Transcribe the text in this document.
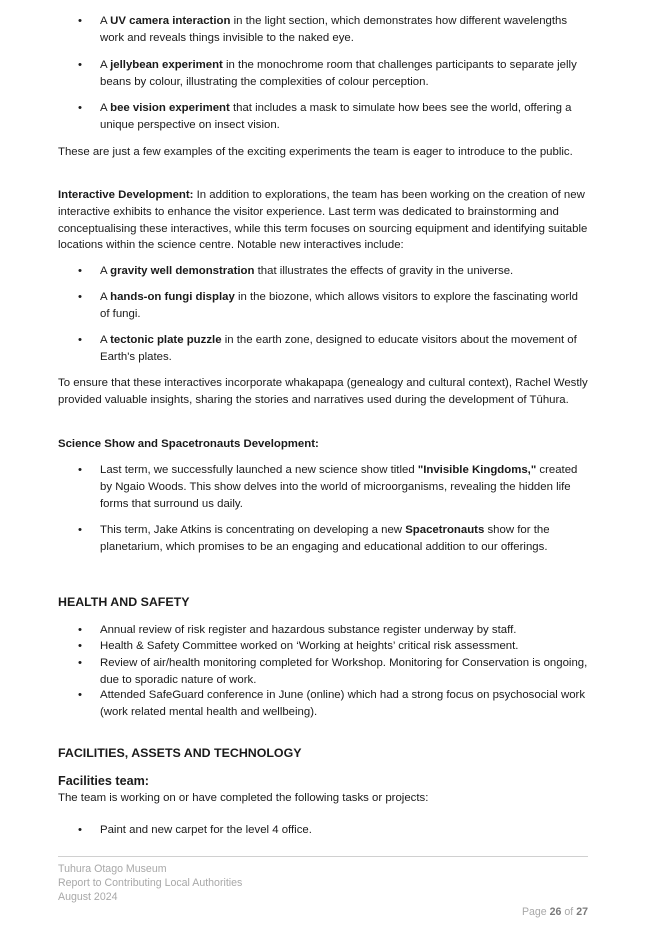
•	A UV camera interaction in the light section, which demonstrates how different wavelengths work and reveals things invisible to the naked eye.
•	A jellybean experiment in the monochrome room that challenges participants to separate jelly beans by colour, illustrating the complexities of colour perception.
•	A bee vision experiment that includes a mask to simulate how bees see the world, offering a unique perspective on insect vision.
These are just a few examples of the exciting experiments the team is eager to introduce to the public.
Interactive Development: In addition to explorations, the team has been working on the creation of new interactive exhibits to enhance the visitor experience. Last term was dedicated to brainstorming and conceptualising these interactives, while this term focuses on sourcing equipment and identifying suitable locations within the science centre. Notable new interactives include:
•	A gravity well demonstration that illustrates the effects of gravity in the universe.
•	A hands-on fungi display in the biozone, which allows visitors to explore the fascinating world of fungi.
•	A tectonic plate puzzle in the earth zone, designed to educate visitors about the movement of Earth's plates.
To ensure that these interactives incorporate whakapapa (genealogy and cultural context), Rachel Westly provided valuable insights, sharing the stories and narratives used during the development of Tūhura.
Science Show and Spacetronauts Development:
•	Last term, we successfully launched a new science show titled "Invisible Kingdoms," created by Ngaio Woods. This show delves into the world of microorganisms, revealing the hidden life forms that surround us daily.
•	This term, Jake Atkins is concentrating on developing a new Spacetronauts show for the planetarium, which promises to be an engaging and educational addition to our offerings.
HEALTH AND SAFETY
•	Annual review of risk register and hazardous substance register underway by staff.
•	Health & Safety Committee worked on ‘Working at heights’ critical risk assessment.
•	Review of air/health monitoring completed for Workshop. Monitoring for Conservation is ongoing, due to sporadic nature of work.
•	Attended SafeGuard conference in June (online) which had a strong focus on psychosocial work (work related mental health and wellbeing).
FACILITIES, ASSETS AND TECHNOLOGY
Facilities team:
The team is working on or have completed the following tasks or projects:
•	Paint and new carpet for the level 4 office.
Tuhura Otago Museum
Report to Contributing Local Authorities
August 2024
Page 26 of 27
